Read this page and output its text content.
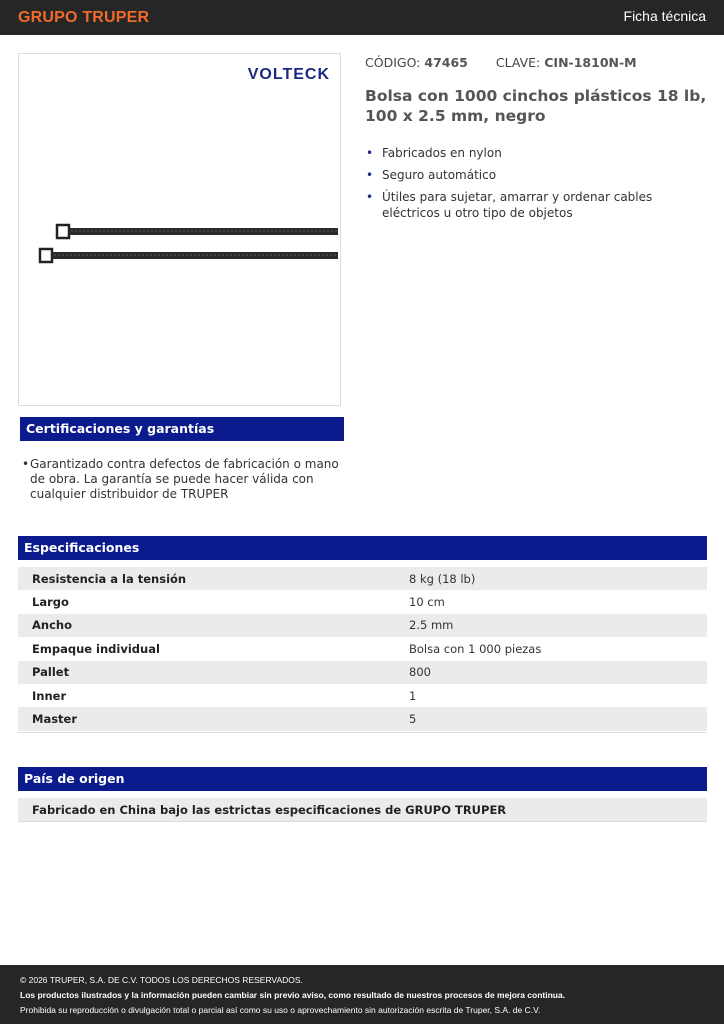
GRUPO TRUPER	Ficha técnica
VOLTECK
CÓDIGO: 47465 CLAVE: CIN-1810N-M
Bolsa con 1000 cinchos plásticos 18 lb, 100 x 2.5 mm, negro
• Fabricados en nylon
• Seguro automático
• Útiles para sujetar, amarrar y ordenar cables eléctricos u otro tipo de objetos
Certificaciones y garantías
• Garantizado contra defectos de fabricación o mano de obra. La garantía se puede hacer válida con cualquier distribuidor de TRUPER
Especificaciones
Resistencia a la tensión	8 kg (18 lb)
Largo	10 cm
Ancho	2.5 mm
Empaque individual	Bolsa con 1 000 piezas
Pallet	800
Inner	1
Master	5
País de origen
Fabricado en China bajo las estrictas especificaciones de GRUPO TRUPER
© 2026 TRUPER, S.A. DE C.V. TODOS LOS DERECHOS RESERVADOS.
Los productos ilustrados y la información pueden cambiar sin previo aviso, como resultado de nuestros procesos de mejora continua.
Prohibida su reproducción o divulgación total o parcial así como su uso o aprovechamiento sin autorización escrita de Truper, S.A. de C.V.
